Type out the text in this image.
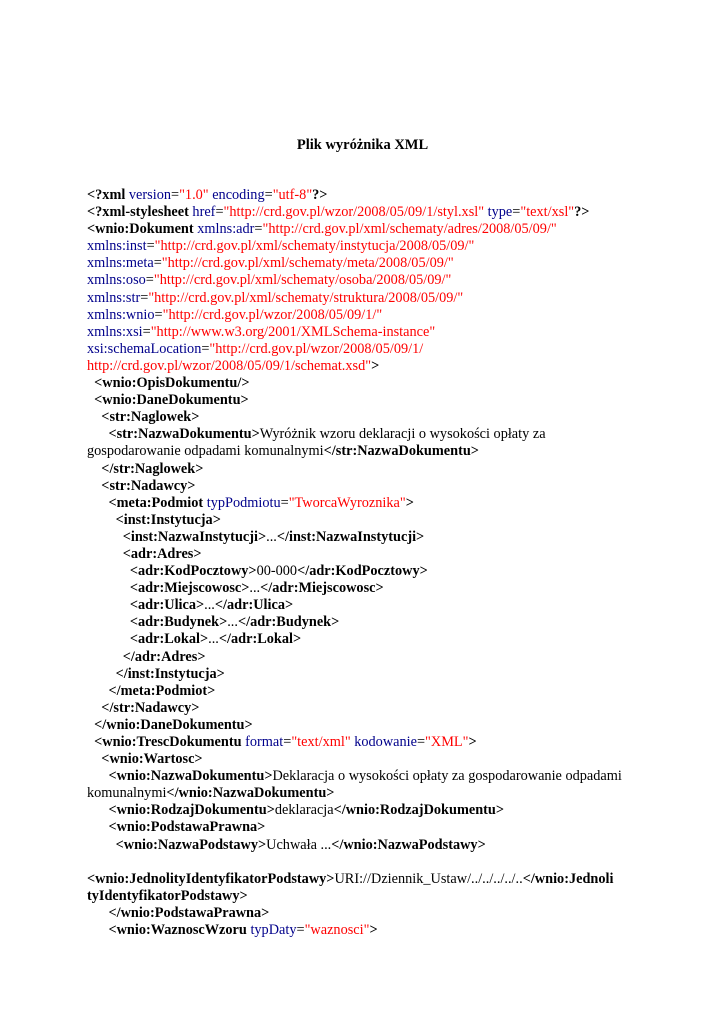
Plik wyróżnika XML
<?xml version="1.0" encoding="utf-8"?>
<?xml-stylesheet href="http://crd.gov.pl/wzor/2008/05/09/1/styl.xsl" type="text/xsl"?>
<wnio:Dokument xmlns:adr="http://crd.gov.pl/xml/schematy/adres/2008/05/09/"
xmlns:inst="http://crd.gov.pl/xml/schematy/instytucja/2008/05/09/"
xmlns:meta="http://crd.gov.pl/xml/schematy/meta/2008/05/09/"
xmlns:oso="http://crd.gov.pl/xml/schematy/osoba/2008/05/09/"
xmlns:str="http://crd.gov.pl/xml/schematy/struktura/2008/05/09/"
xmlns:wnio="http://crd.gov.pl/wzor/2008/05/09/1/"
xmlns:xsi="http://www.w3.org/2001/XMLSchema-instance"
xsi:schemaLocation="http://crd.gov.pl/wzor/2008/05/09/1/
http://crd.gov.pl/wzor/2008/05/09/1/schemat.xsd">
<wnio:OpisDokumentu/>
<wnio:DaneDokumentu>
<str:Naglowek>
<str:NazwaDokumentu>Wyróżnik wzoru deklaracji o wysokości opłaty za
gospodarowanie odpadami komunalnymi</str:NazwaDokumentu>
</str:Naglowek>
<str:Nadawcy>
<meta:Podmiot typPodmiotu="TworcaWyroznika">
<inst:Instytucja>
<inst:NazwaInstytucji>...</inst:NazwaInstytucji>
<adr:Adres>
<adr:KodPocztowy>00-000</adr:KodPocztowy>
<adr:Miejscowosc>...</adr:Miejscowosc>
<adr:Ulica>...</adr:Ulica>
<adr:Budynek>...</adr:Budynek>
<adr:Lokal>...</adr:Lokal>
</adr:Adres>
</inst:Instytucja>
</meta:Podmiot>
</str:Nadawcy>
</wnio:DaneDokumentu>
<wnio:TrescDokumentu format="text/xml" kodowanie="XML">
<wnio:Wartosc>
<wnio:NazwaDokumentu>Deklaracja o wysokości opłaty za gospodarowanie odpadami
komunalnymi</wnio:NazwaDokumentu>
<wnio:RodzajDokumentu>deklaracja</wnio:RodzajDokumentu>
<wnio:PodstawaPrawna>
<wnio:NazwaPodstawy>Uchwała ...</wnio:NazwaPodstawy>
<wnio:JednolityIdentyfikatorPodstawy>URI://Dziennik_Ustaw/../../../../..</wnio:Jednoli
tyIdentyfikatorPodstawy>
</wnio:PodstawaPrawna>
<wnio:WaznoscWzoru typDaty="waznosci">
